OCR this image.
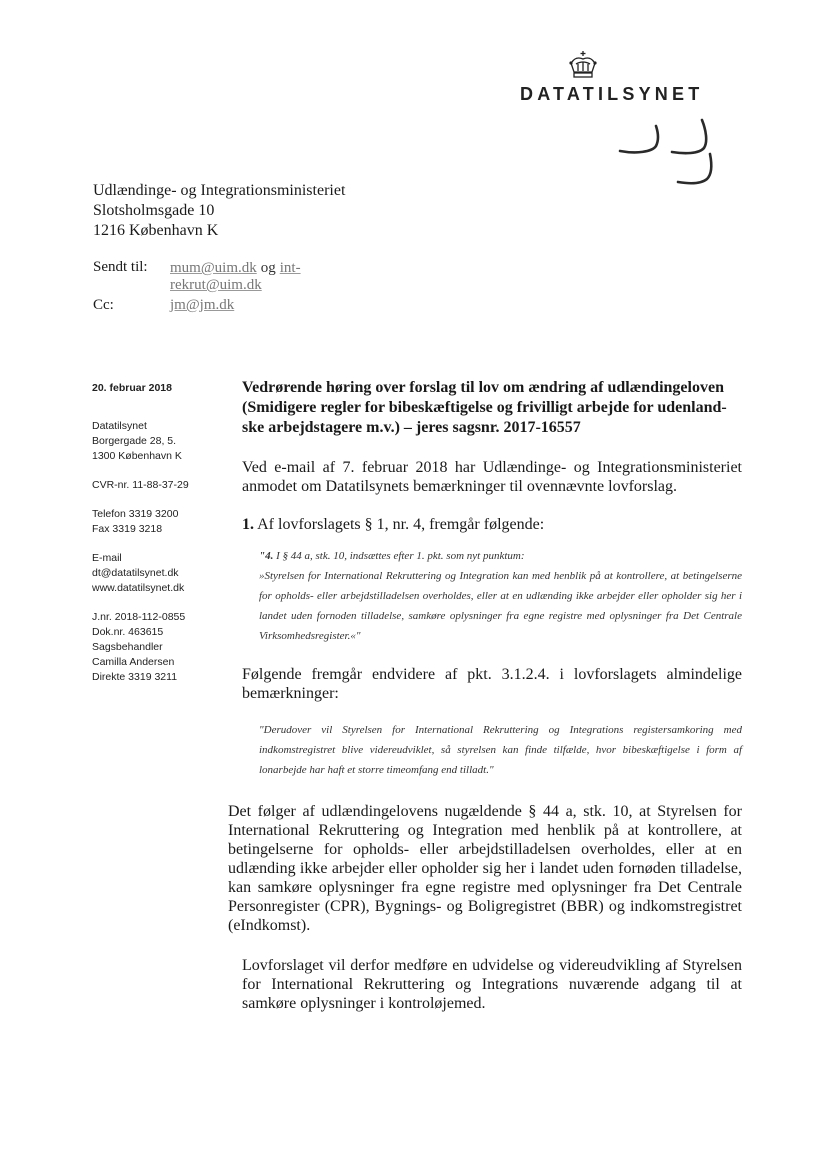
DATATILSYNET
Udlændinge- og Integrationsministeriet
Slotsholmsgade 10
1216 København K
Sendt til: mum@uim.dk og int-
rekrut@uim.dk
Cc:	jm@jm.dk
20. februar 2018
Datatilsynet
Borgergade 28, 5.
1300 København K
CVR-nr. 11-88-37-29
Telefon 3319 3200
Fax 3319 3218
E-mail
dt@datatilsynet.dk
www.datatilsynet.dk
J.nr. 2018-112-0855
Dok.nr. 463615
Sagsbehandler
Camilla Andersen
Direkte 3319 3211
Vedrørende høring over forslag til lov om ændring af udlændingeloven
(Smidigere regler for bibeskæftigelse og frivilligt arbejde for udenland-
ske arbejdstagere m.v.) – jeres sagsnr. 2017-16557
Ved e-mail af 7. februar 2018 har Udlændinge- og Integrationsministeriet anmodet om Datatilsynets bemærkninger til ovennævnte lovforslag.
1. Af lovforslagets § 1, nr. 4, fremgår følgende:
"4. I § 44 a, stk. 10, indsættes efter 1. pkt. som nyt punktum:
»Styrelsen for International Rekruttering og Integration kan med henblik på at kontrollere, at betingelserne for opholds- eller arbejdstilladelsen overholdes, eller at en udlænding ikke arbejder eller opholder sig her i landet uden fornoden tilladelse, samkøre oplysninger fra egne registre med oplysninger fra Det Centrale Virksomhedsregister.«"
Følgende fremgår endvidere af pkt. 3.1.2.4. i lovforslagets almindelige bemærkninger:
"Derudover vil Styrelsen for International Rekruttering og Integrations registersamkoring med indkomstregistret blive videreudviklet, så styrelsen kan finde tilfælde, hvor bibeskæftigelse i form af lonarbejde har haft et storre timeomfang end tilladt."
Det følger af udlændingelovens nugældende § 44 a, stk. 10, at Styrelsen for International Rekruttering og Integration med henblik på at kontrollere, at betingelserne for opholds- eller arbejdstilladelsen overholdes, eller at en udlænding ikke arbejder eller opholder sig her i landet uden fornøden tilladelse, kan samkøre oplysninger fra egne registre med oplysninger fra Det Centrale Personregister (CPR), Bygnings- og Boligregistret (BBR) og indkomstregistret (eIndkomst).
Lovforslaget vil derfor medføre en udvidelse og videreudvikling af Styrelsen for International Rekruttering og Integrations nuværende adgang til at samkøre oplysninger i kontroløjemed.
